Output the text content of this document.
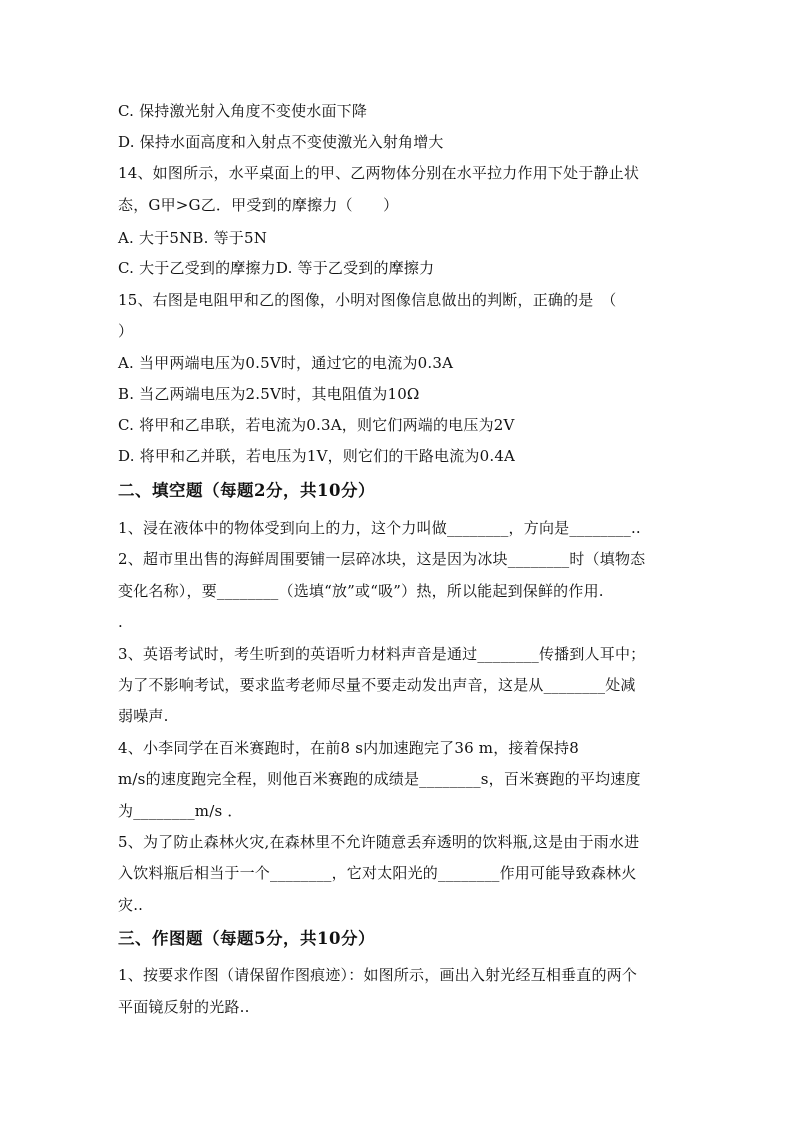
C. 保持激光射入角度不变使水面下降
D. 保持水面高度和入射点不变使激光入射角增大
14、如图所示，水平桌面上的甲、乙两物体分别在水平拉力作用下处于静止状
态，G甲>G乙．甲受到的摩擦力（　　）
A. 大于5NB. 等于5N
C. 大于乙受到的摩擦力D. 等于乙受到的摩擦力
15、右图是电阻甲和乙的图像，小明对图像信息做出的判断，正确的是　（
）
A. 当甲两端电压为0.5V时，通过它的电流为0.3A
B. 当乙两端电压为2.5V时，其电阻值为10Ω
C. 将甲和乙串联，若电流为0.3A，则它们两端的电压为2V
D. 将甲和乙并联，若电压为1V，则它们的干路电流为0.4A
二、填空题（每题2分，共10分）
1、浸在液体中的物体受到向上的力，这个力叫做________，方向是________..
2、超市里出售的海鲜周围要铺一层碎冰块，这是因为冰块________时（填物态
变化名称），要________（选填“放”或“吸”）热，所以能起到保鲜的作用.
.
3、英语考试时，考生听到的英语听力材料声音是通过________传播到人耳中；
为了不影响考试，要求监考老师尽量不要走动发出声音，这是从________处减
弱噪声.
4、小李同学在百米赛跑时，在前8 s内加速跑完了36 m，接着保持8
m/s的速度跑完全程，则他百米赛跑的成绩是________s，百米赛跑的平均速度
为________m/s ．
5、为了防止森林火灾,在森林里不允许随意丢弃透明的饮料瓶,这是由于雨水进
入饮料瓶后相当于一个________，它对太阳光的________作用可能导致森林火
灾..
三、作图题（每题5分，共10分）
1、按要求作图（请保留作图痕迹）：如图所示，画出入射光经互相垂直的两个
平面镜反射的光路..
